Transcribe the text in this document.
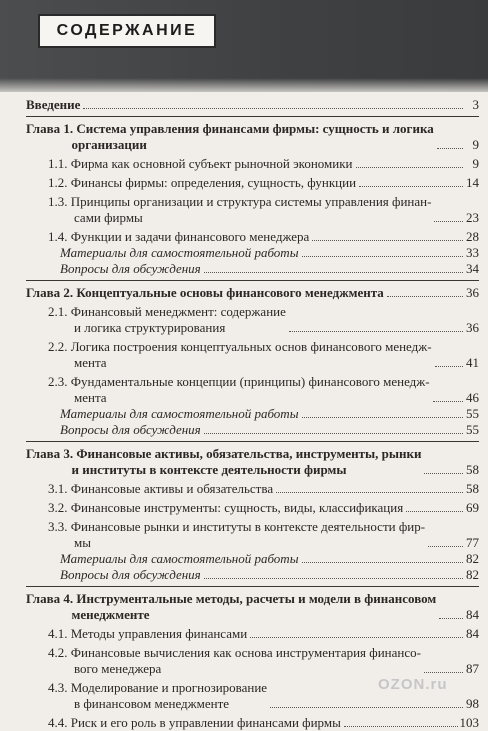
СОДЕРЖАНИЕ
Введение	3
Глава 1. Система управления финансами фирмы: сущность и логика
организации	9
1.1. Фирма как основной субъект рыночной экономики	9
1.2. Финансы фирмы: определения, сущность, функции	14
1.3. Принципы организации и структура системы управления финан-
сами фирмы	23
1.4. Функции и задачи финансового менеджера	28
Материалы для самостоятельной работы	33
Вопросы для обсуждения	34
Глава 2. Концептуальные основы финансового менеджмента	36
2.1. Финансовый менеджмент: содержание
и логика структурирования	36
2.2. Логика построения концептуальных основ финансового менедж-
мента	41
2.3. Фундаментальные концепции (принципы) финансового менедж-
мента	46
Материалы для самостоятельной работы	55
Вопросы для обсуждения	55
Глава 3. Финансовые активы, обязательства, инструменты, рынки
и институты в контексте деятельности фирмы	58
3.1. Финансовые активы и обязательства	58
3.2. Финансовые инструменты: сущность, виды, классификация	69
3.3. Финансовые рынки и институты в контексте деятельности фир-
мы	77
Материалы для самостоятельной работы	82
Вопросы для обсуждения	82
Глава 4. Инструментальные методы, расчеты и модели в финансовом
менеджменте	84
4.1. Методы управления финансами	84
4.2. Финансовые вычисления как основа инструментария финансо-
вого менеджера	87
4.3. Моделирование и прогнозирование
в финансовом менеджменте	98
4.4. Риск и его роль в управлении финансами фирмы	103
OZON.ru
